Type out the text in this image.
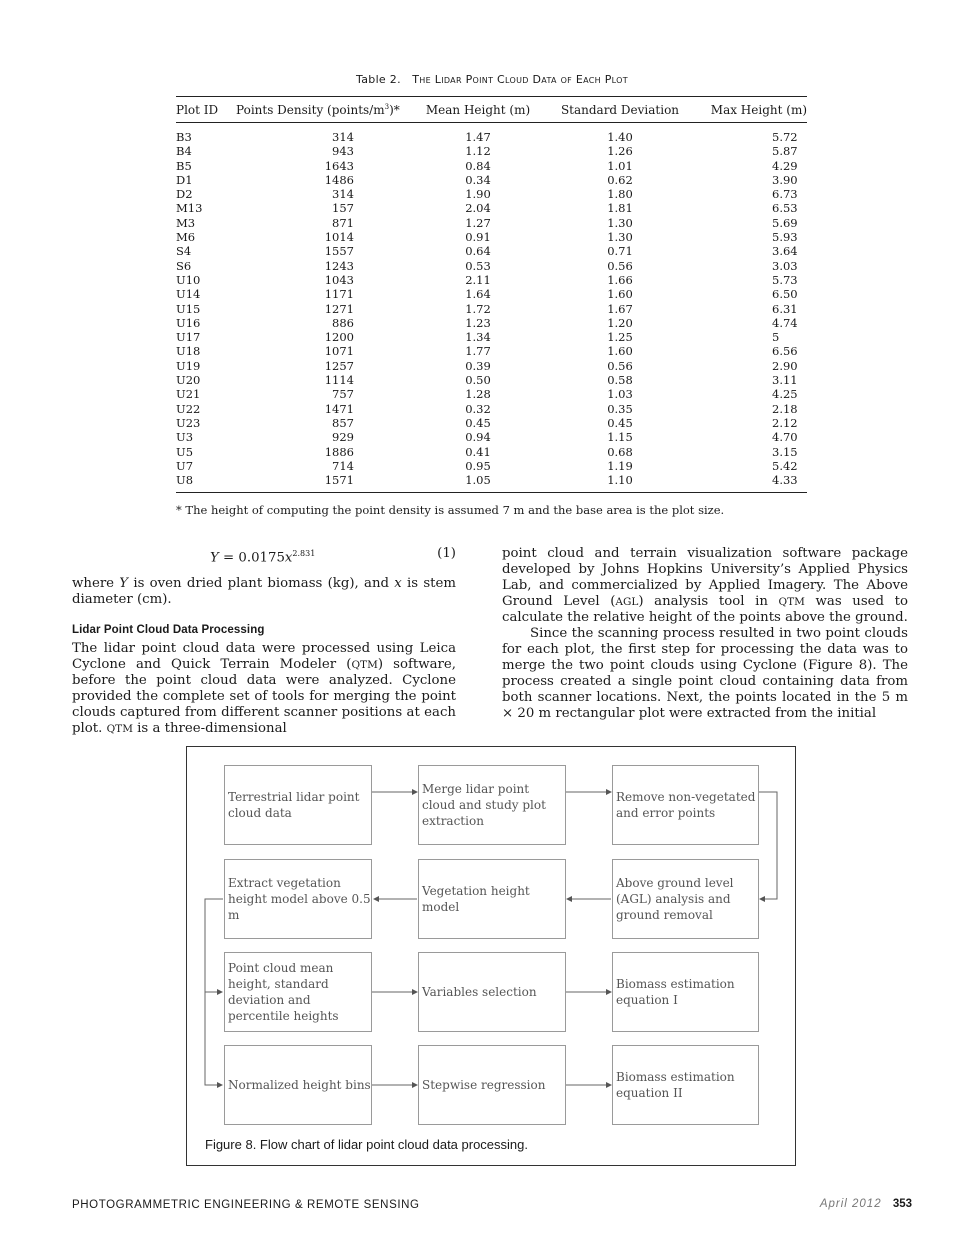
Table 2. The Lidar Point Cloud Data of Each Plot
Plot ID	Points Density $(points/m^3)*$	Mean Height (m)	Standard Deviation	Max Height (m)
B3	314	1.47	1.40	5.72
B4	943	1.12	1.26	5.87
B5	1643	0.84	1.01	4.29
D1	1486	0.34	0.62	3.90
D2	314	1.90	1.80	6.73
M13	157	2.04	1.81	6.53
M3	871	1.27	1.30	5.69
M6	1014	0.91	1.30	5.93
S4	1557	0.64	0.71	3.64
S6	1243	0.53	0.56	3.03
U10	1043	2.11	1.66	5.73
U14	1171	1.64	1.60	6.50
U15	1271	1.72	1.67	6.31
U16	886	1.23	1.20	4.74
U17	1200	1.34	1.25	5
U18	1071	1.77	1.60	6.56
U19	1257	0.39	0.56	2.90
U20	1114	0.50	0.58	3.11
U21	757	1.28	1.03	4.25
U22	1471	0.32	0.35	2.18
U23	857	0.45	0.45	2.12
U3	929	0.94	1.15	4.70
U5	1886	0.41	0.68	3.15
U7	714	0.95	1.19	5.42
U8	1571	1.05	1.10	4.33
* The height of computing the point density is assumed 7 m and the base area is the plot size.
$Y = 0.0175x^{2.831}$	(1)

where Y is oven dried plant biomass (kg), and x is stem diameter (cm).

Lidar Point Cloud Data Processing

The lidar point cloud data were processed using Leica Cyclone and Quick Terrain Modeler (QTM) software, before the point cloud data were analyzed. Cyclone provided the complete set of tools for merging the point clouds captured from different scanner positions at each plot. QTM is a three-dimensional

point cloud and terrain visualization software package developed by Johns Hopkins University’s Applied Physics Lab, and commercialized by Applied Imagery. The Above Ground Level (AGL) analysis tool in QTM was used to calculate the relative height of the points above the ground.

Since the scanning process resulted in two point clouds for each plot, the first step for processing the data was to merge the two point clouds using Cyclone (Figure 8). The process created a single point cloud containing data from both scanner locations. Next, the points located in the 5 m × 20 m rectangular plot were extracted from the initial

Terrestrial lidar point cloud data
Merge lidar point cloud and study plot extraction
Remove non-vegetated and error points
Extract vegetation height model above 0.5 m
Vegetation height model
Above ground level (AGL) analysis and ground removal
Point cloud mean height, standard deviation and percentile heights
Variables selection
Biomass estimation equation I
Normalized height bins	Stepwise regression
Biomass estimation equation II
Figure 8. Flow chart of lidar point cloud data processing.
PHOTOGRAMMETRIC ENGINEERING & REMOTE SENSING	April 2012 353
